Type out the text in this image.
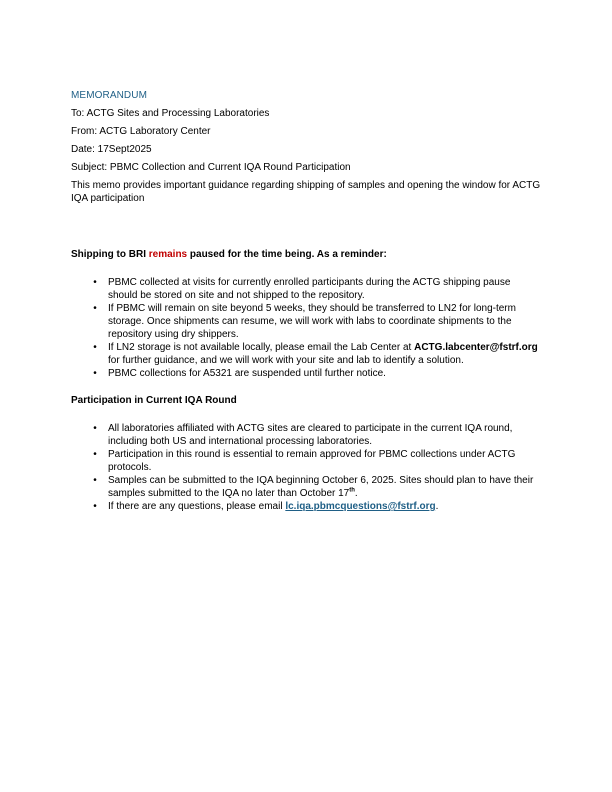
MEMORANDUM

To: ACTG Sites and Processing Laboratories

From: ACTG Laboratory Center

Date: 17Sept2025

Subject: PBMC Collection and Current IQA Round Participation

This memo provides important guidance regarding shipping of samples and opening the window for ACTG IQA participation

Shipping to BRI remains paused for the time being. As a reminder:

•	PBMC collected at visits for currently enrolled participants during the ACTG shipping pause should be stored on site and not shipped to the repository.
•	If PBMC will remain on site beyond 5 weeks, they should be transferred to LN2 for long-term storage. Once shipments can resume, we will work with labs to coordinate shipments to the repository using dry shippers.
•	If LN2 storage is not available locally, please email the Lab Center at ACTG.labcenter@fstrf.org for further guidance, and we will work with your site and lab to identify a solution.
•	PBMC collections for A5321 are suspended until further notice.

Participation in Current IQA Round

•	All laboratories affiliated with ACTG sites are cleared to participate in the current IQA round, including both US and international processing laboratories.
•	Participation in this round is essential to remain approved for PBMC collections under ACTG protocols.
•	Samples can be submitted to the IQA beginning October 6, 2025. Sites should plan to have their samples submitted to the IQA no later than October 17th.
•	If there are any questions, please email lc.iqa.pbmcquestions@fstrf.org.
